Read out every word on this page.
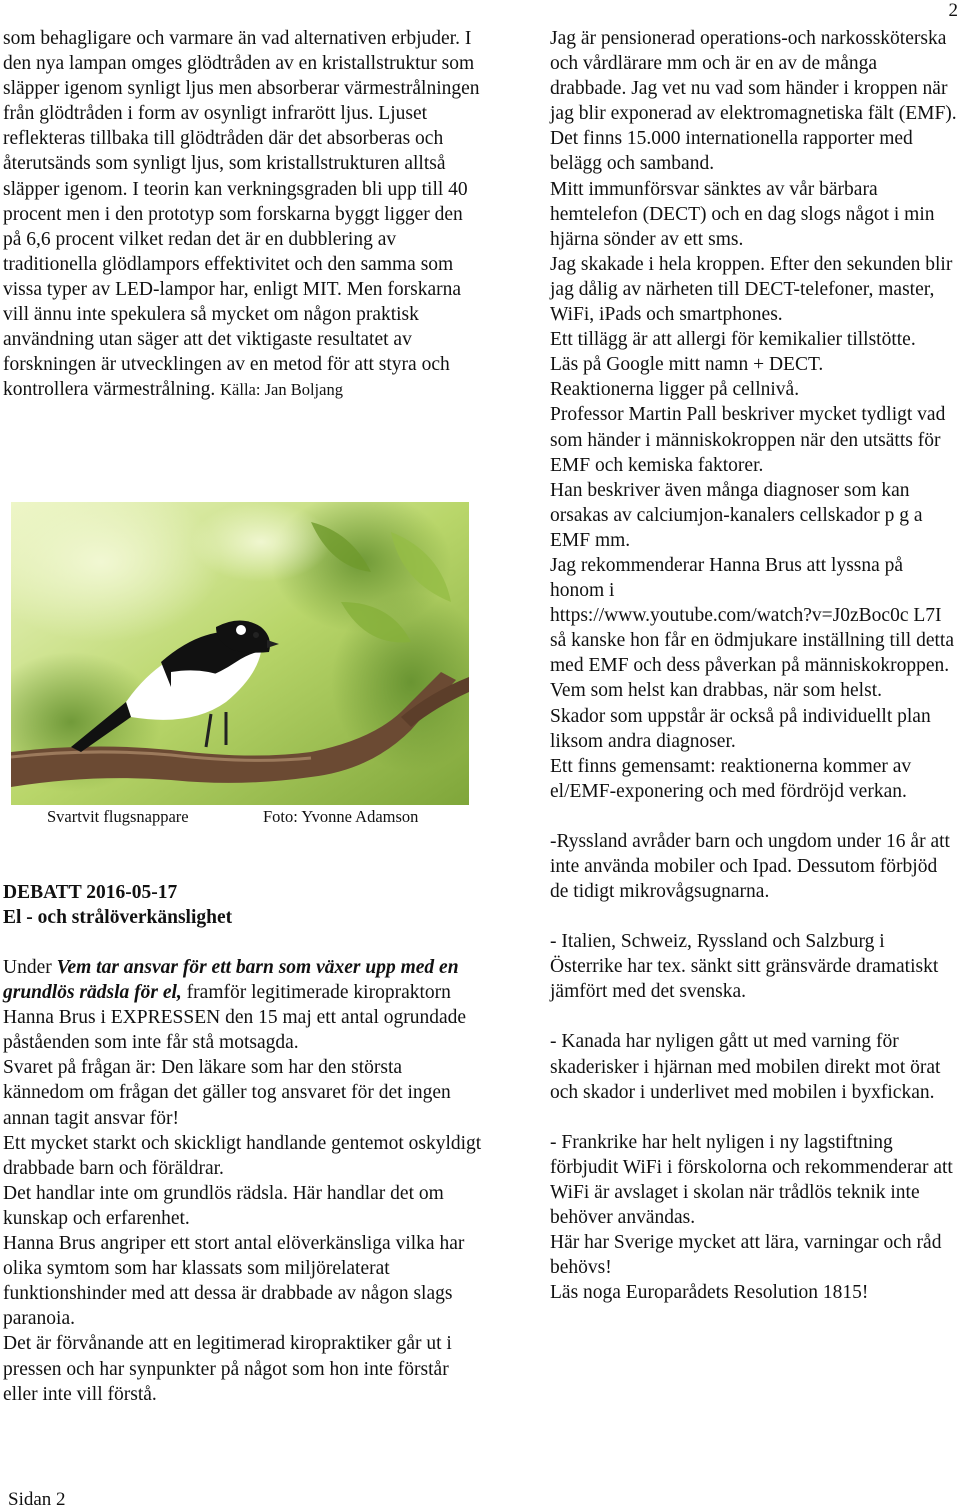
2

som behagligare och varmare än vad alternativen erbjuder. I den nya lampan omges glödtråden av en kristallstruktur som släpper igenom synligt ljus men absorberar värmestrålningen från glödtråden i form av osynligt infrarött ljus. Ljuset reflekteras tillbaka till glödtråden där det absorberas och återutsänds som synligt ljus, som kristallstrukturen alltså släpper igenom. I teorin kan verkningsgraden bli upp till 40 procent men i den prototyp som forskarna byggt ligger den på 6,6 procent vilket redan det är en dubblering av traditionella glödlampors effektivitet och den samma som vissa typer av LED-lampor har, enligt MIT. Men forskarna vill ännu inte spekulera så mycket om någon praktisk användning utan säger att det viktigaste resultatet av forskningen är utvecklingen av en metod för att styra och kontrollera värmestrålning. Källa: Jan Boljang

Svartvit flugsnappare	Foto: Yvonne Adamson
DEBATT 2016-05-17
El - och strålöverkänslighet

Under Vem tar ansvar för ett barn som växer upp med en grundlös rädsla för el, framför legitimerade kiropraktorn Hanna Brus i EXPRESSEN den 15 maj ett antal ogrundade påståenden som inte får stå motsagda.

Svaret på frågan är: Den läkare som har den största kännedom om frågan det gäller tog ansvaret för det ingen annan tagit ansvar för!

Ett mycket starkt och skickligt handlande gentemot oskyldigt drabbade barn och föräldrar.

Det handlar inte om grundlös rädsla. Här handlar det om kunskap och erfarenhet.

Hanna Brus angriper ett stort antal elöverkänsliga vilka har olika symtom som har klassats som miljörelaterat funktionshinder med att dessa är drabbade av någon slags paranoia.

Det är förvånande att en legitimerad kiropraktiker går ut i pressen och har synpunkter på något som hon inte förstår eller inte vill förstå.

Jag är pensionerad operations-och narkossköterska och vårdlärare mm och är en av de många drabbade. Jag vet nu vad som händer i kroppen när jag blir exponerad av elektromagnetiska fält (EMF).

Det finns 15.000 internationella rapporter med belägg och samband.

Mitt immunförsvar sänktes av vår bärbara hemtelefon (DECT) och en dag slogs något i min hjärna sönder av ett sms.

Jag skakade i hela kroppen. Efter den sekunden blir jag dålig av närheten till DECT-telefoner, master, WiFi, iPads och smartphones.

Ett tillägg är att allergi för kemikalier tillstötte.

Läs på Google mitt namn + DECT.

Reaktionerna ligger på cellnivå.

Professor Martin Pall beskriver mycket tydligt vad som händer i människokroppen när den utsätts för EMF och kemiska faktorer.

Han beskriver även många diagnoser som kan orsakas av calciumjon-kanalers cellskador p g a EMF mm.

Jag rekommenderar Hanna Brus att lyssna på honom i

https://www.youtube.com/watch?v=J0zBoc0c L7I så kanske hon får en ödmjukare inställning till detta med EMF och dess påverkan på människokroppen.

Vem som helst kan drabbas, när som helst.

Skador som uppstår är också på individuellt plan liksom andra diagnoser.

Ett finns gemensamt: reaktionerna kommer av el/EMF-exponering och med fördröjd verkan.

-Ryssland avråder barn och ungdom under 16 år att inte använda mobiler och Ipad. Dessutom förbjöd de tidigt mikrovågsugnarna.

- Italien, Schweiz, Ryssland och Salzburg i Österrike har tex. sänkt sitt gränsvärde dramatiskt jämfört med det svenska.

- Kanada har nyligen gått ut med varning för skaderisker i hjärnan med mobilen direkt mot örat och skador i underlivet med mobilen i byxfickan.

- Frankrike har helt nyligen i ny lagstiftning förbjudit WiFi i förskolorna och rekommenderar att WiFi är avslaget i skolan när trådlös teknik inte behöver användas.

Här har Sverige mycket att lära, varningar och råd behövs!

Läs noga Europarådets Resolution 1815!

Sidan 2
